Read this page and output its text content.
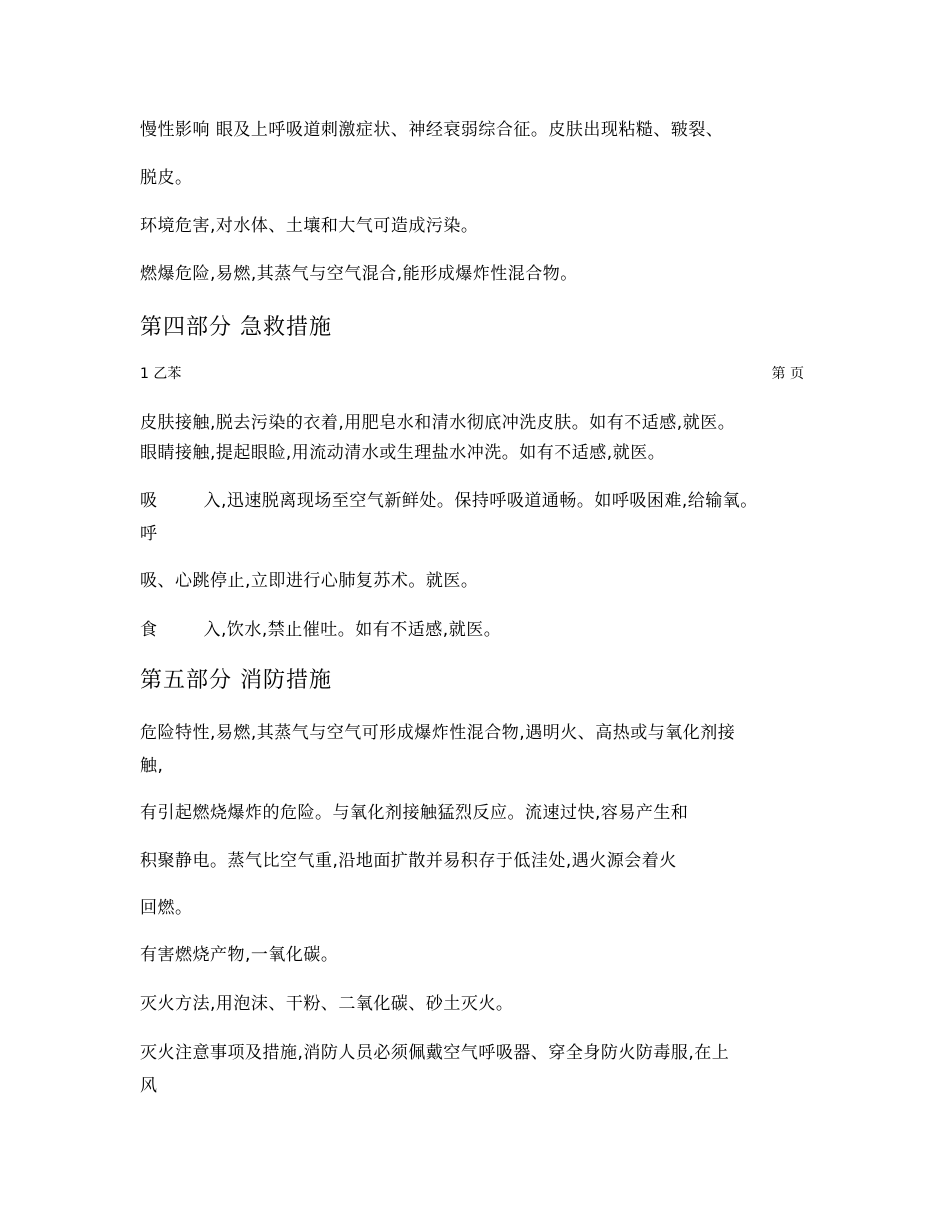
慢性影响 眼及上呼吸道刺激症状、神经衰弱综合征。皮肤出现粘糙、皲裂、
脱皮。
环境危害,对水体、土壤和大气可造成污染。
燃爆危险,易燃,其蒸气与空气混合,能形成爆炸性混合物。
第四部分 急救措施
1 乙苯	第 页
皮肤接触,脱去污染的衣着,用肥皂水和清水彻底冲洗皮肤。如有不适感,就医。
眼睛接触,提起眼睑,用流动清水或生理盐水冲洗。如有不适感,就医。
吸	入,迅速脱离现场至空气新鲜处。保持呼吸道通畅。如呼吸困难,给输氧。
呼
吸、心跳停止,立即进行心肺复苏术。就医。
食	入,饮水,禁止催吐。如有不适感,就医。
第五部分 消防措施
危险特性,易燃,其蒸气与空气可形成爆炸性混合物,遇明火、高热或与氧化剂接
触,
有引起燃烧爆炸的危险。与氧化剂接触猛烈反应。流速过快,容易产生和
积聚静电。蒸气比空气重,沿地面扩散并易积存于低洼处,遇火源会着火
回燃。
有害燃烧产物,一氧化碳。
灭火方法,用泡沫、干粉、二氧化碳、砂土灭火。
灭火注意事项及措施,消防人员必须佩戴空气呼吸器、穿全身防火防毒服,在上
风
